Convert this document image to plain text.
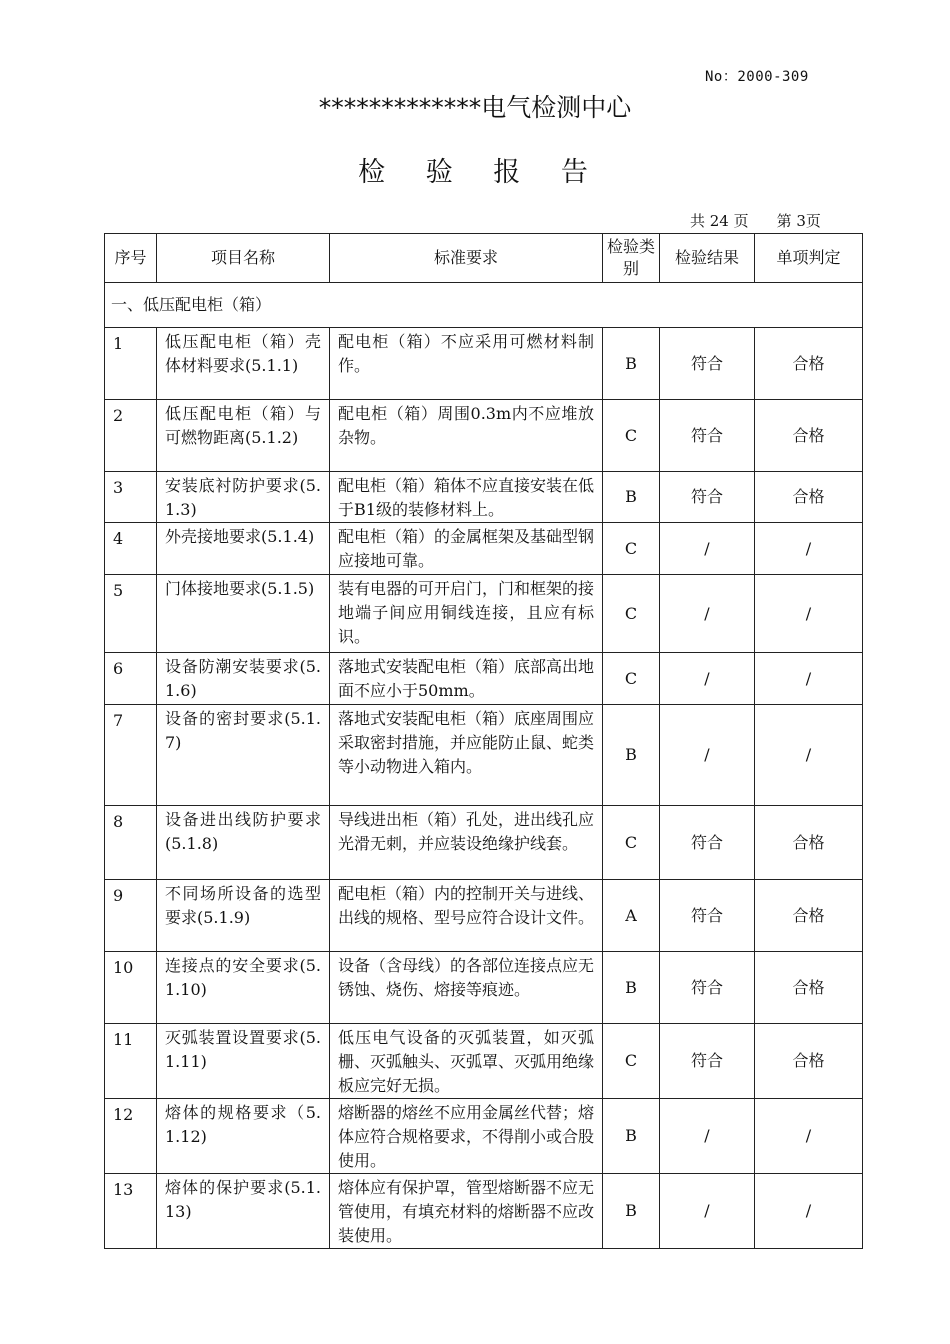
No：2000-309
*************电气检测中心
检 验 报 告
共 24 页 第 3页
序号	项目名称	标准要求	检验类别	检验结果	单项判定
一、低压配电柜（箱）					
1	低压配电柜（箱）壳体材料要求(5.1.1)	配电柜（箱）不应采用可燃材料制作。	B	符合	合格
2	低压配电柜（箱）与可燃物距离(5.1.2)	配电柜（箱）周围0.3m内不应堆放杂物。	C	符合	合格
3	安装底衬防护要求(5.1.3)	配电柜（箱）箱体不应直接安装在低于B1级的装修材料上。	B	符合	合格
4	外壳接地要求(5.1.4)	配电柜（箱）的金属框架及基础型钢应接地可靠。	C	/	/
5	门体接地要求(5.1.5)	装有电器的可开启门，门和框架的接地端子间应用铜线连接，且应有标识。	C	/	/
6	设备防潮安装要求(5.1.6)	落地式安装配电柜（箱）底部高出地面不应小于50mm。	C	/	/
7	设备的密封要求(5.1.7)	落地式安装配电柜（箱）底座周围应采取密封措施，并应能防止鼠、蛇类等小动物进入箱内。	B	/	/
8	设备进出线防护要求(5.1.8)	导线进出柜（箱）孔处，进出线孔应光滑无刺，并应装设绝缘护线套。	C	符合	合格
9	不同场所设备的选型要求(5.1.9)	配电柜（箱）内的控制开关与进线、出线的规格、型号应符合设计文件。	A	符合	合格
10	连接点的安全要求(5.1.10)	设备（含母线）的各部位连接点应无锈蚀、烧伤、熔接等痕迹。	B	符合	合格
11	灭弧装置设置要求(5.1.11)	低压电气设备的灭弧装置，如灭弧栅、灭弧触头、灭弧罩、灭弧用绝缘板应完好无损。	C	符合	合格
12	熔体的规格要求（5.1.12)	熔断器的熔丝不应用金属丝代替；熔体应符合规格要求，不得削小或合股使用。	B	/	/
13	熔体的保护要求(5.1.13)	熔体应有保护罩，管型熔断器不应无管使用，有填充材料的熔断器不应改装使用。	B	/	/
